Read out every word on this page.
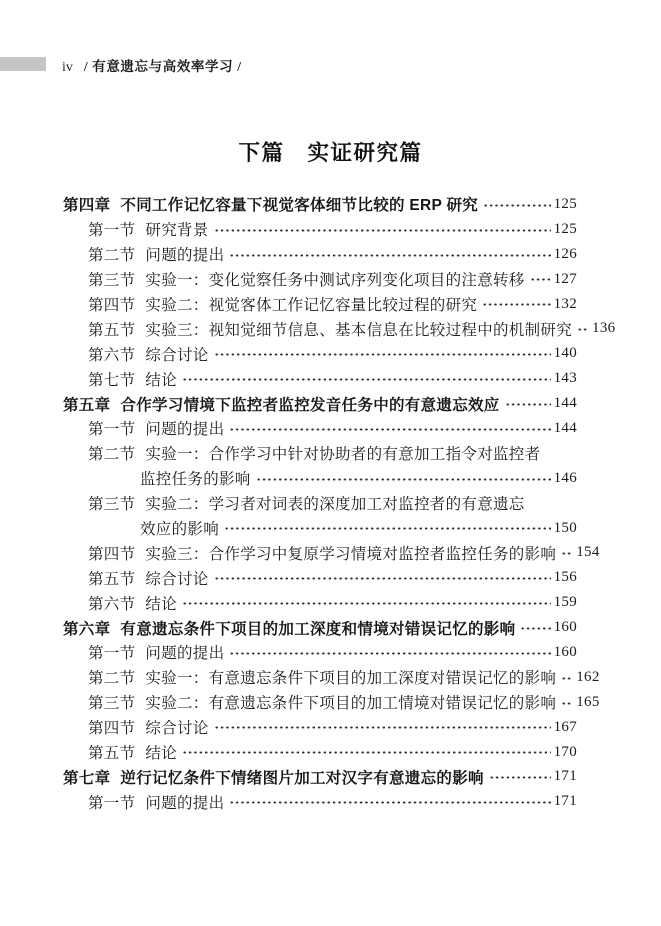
iv / 有意遗忘与高效率学习 /
下篇　实证研究篇
第四章 不同工作记忆容量下视觉客体细节比较的 ERP 研究	125
第一节 研究背景	125
第二节 问题的提出	126
第三节 实验一：变化觉察任务中测试序列变化项目的注意转移 127
第四节 实验二：视觉客体工作记忆容量比较过程的研究	132
第五节 实验三：视知觉细节信息、基本信息在比较过程中的机制研究 136
第六节 综合讨论	140
第七节 结论	143
第五章 合作学习情境下监控者监控发音任务中的有意遗忘效应	144
第一节 问题的提出	144
第二节 实验一：合作学习中针对协助者的有意加工指令对监控者
监控任务的影响	146
第三节 实验二：学习者对词表的深度加工对监控者的有意遗忘
效应的影响	150
第四节 实验三：合作学习中复原学习情境对监控者监控任务的影响 154
第五节 综合讨论	156
第六节 结论	159
第六章 有意遗忘条件下项目的加工深度和情境对错误记忆的影响	160
第一节 问题的提出	160
第二节 实验一：有意遗忘条件下项目的加工深度对错误记忆的影响 162
第三节 实验二：有意遗忘条件下项目的加工情境对错误记忆的影响 165
第四节 综合讨论	167
第五节 结论	170
第七章 逆行记忆条件下情绪图片加工对汉字有意遗忘的影响	171
第一节 问题的提出	171
